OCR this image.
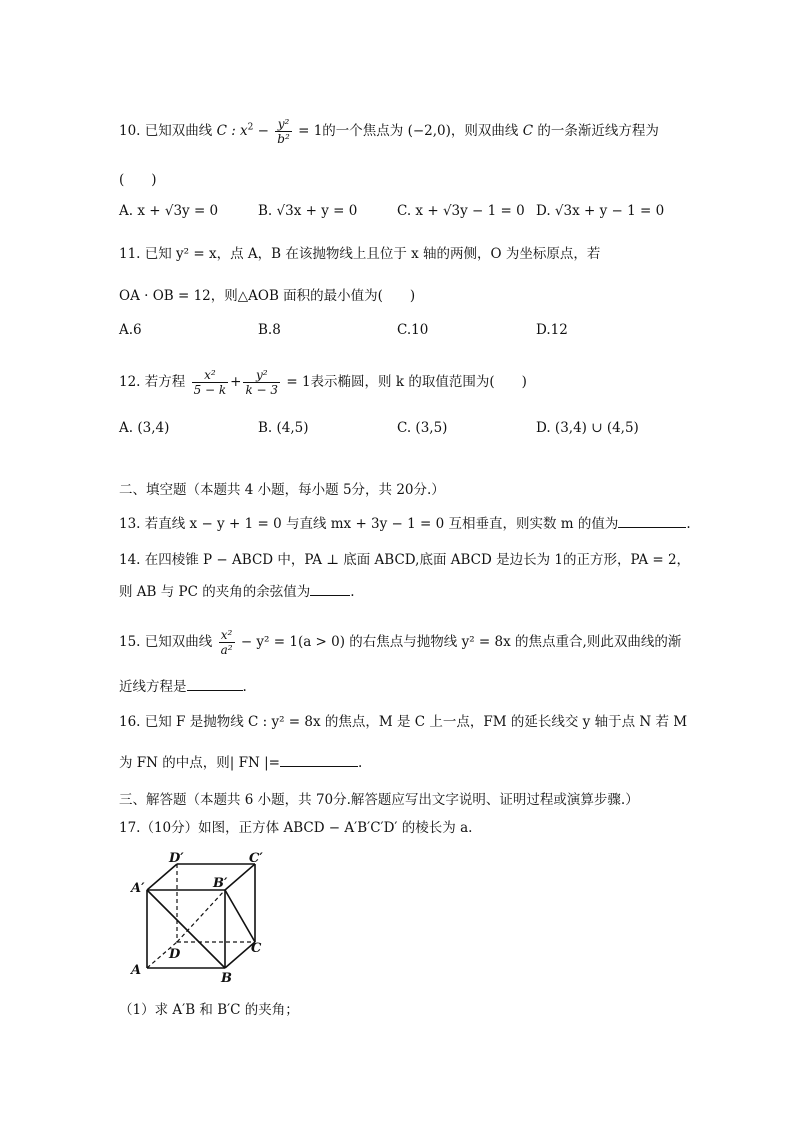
10. 已知双曲线 C : $x^2 - \frac{\text{y²}}{\text{b²}} = 1$的一个焦点为 (−2,0)，则双曲线 C 的一条渐近线方程为
(　　)
A. x + √3y = 0	B. √3x + y = 0	C. x + √3y − 1 = 0 D. √3x + y − 1 = 0
11. 已知 y² = x，点 A，B 在该抛物线上且位于 x 轴的两侧，O 为坐标原点，若
OA · OB = 12，则△AOB 面积的最小值为(　　)
A.6	B.8	C.10	D.12
12. 若方程 $\frac{\text{x²}}{5 - k} + \frac{\text{y²}}{k - 3} = 1$表示椭圆，则 k 的取值范围为(　　)
A. (3,4)	B. (4,5)	C. (3,5)	D. (3,4) ∪ (4,5)
二、填空题（本题共 4 小题，每小题 5分，共 20分.）
13. 若直线 x − y + 1 = 0 与直线 mx + 3y − 1 = 0 互相垂直，则实数 m 的值为	.
14. 在四棱锥 P − ABCD 中，PA ⊥ 底面 ABCD,底面 ABCD 是边长为 1的正方形，PA = 2，
则 AB 与 PC 的夹角的余弦值为	.
15. 已知双曲线 $\frac{\text{x²}}{\text{a²}} - y^2 = 1(a > 0)$ 的右焦点与抛物线 y² = 8x 的焦点重合,则此双曲线的渐
近线方程是	.
16. 已知 F 是抛物线 C : y² = 8x 的焦点，M 是 C 上一点，FM 的延长线交 y 轴于点 N 若 M
为 FN 的中点，则| FN |=	.
三、解答题（本题共 6 小题，共 70分.解答题应写出文字说明、证明过程或演算步骤.）
17.（10分）如图，正方体 ABCD − A′B′C′D′ 的棱长为 a.
D′	C′
A′	B′
D	C
A
B
（1）求 A′B 和 B′C 的夹角；
